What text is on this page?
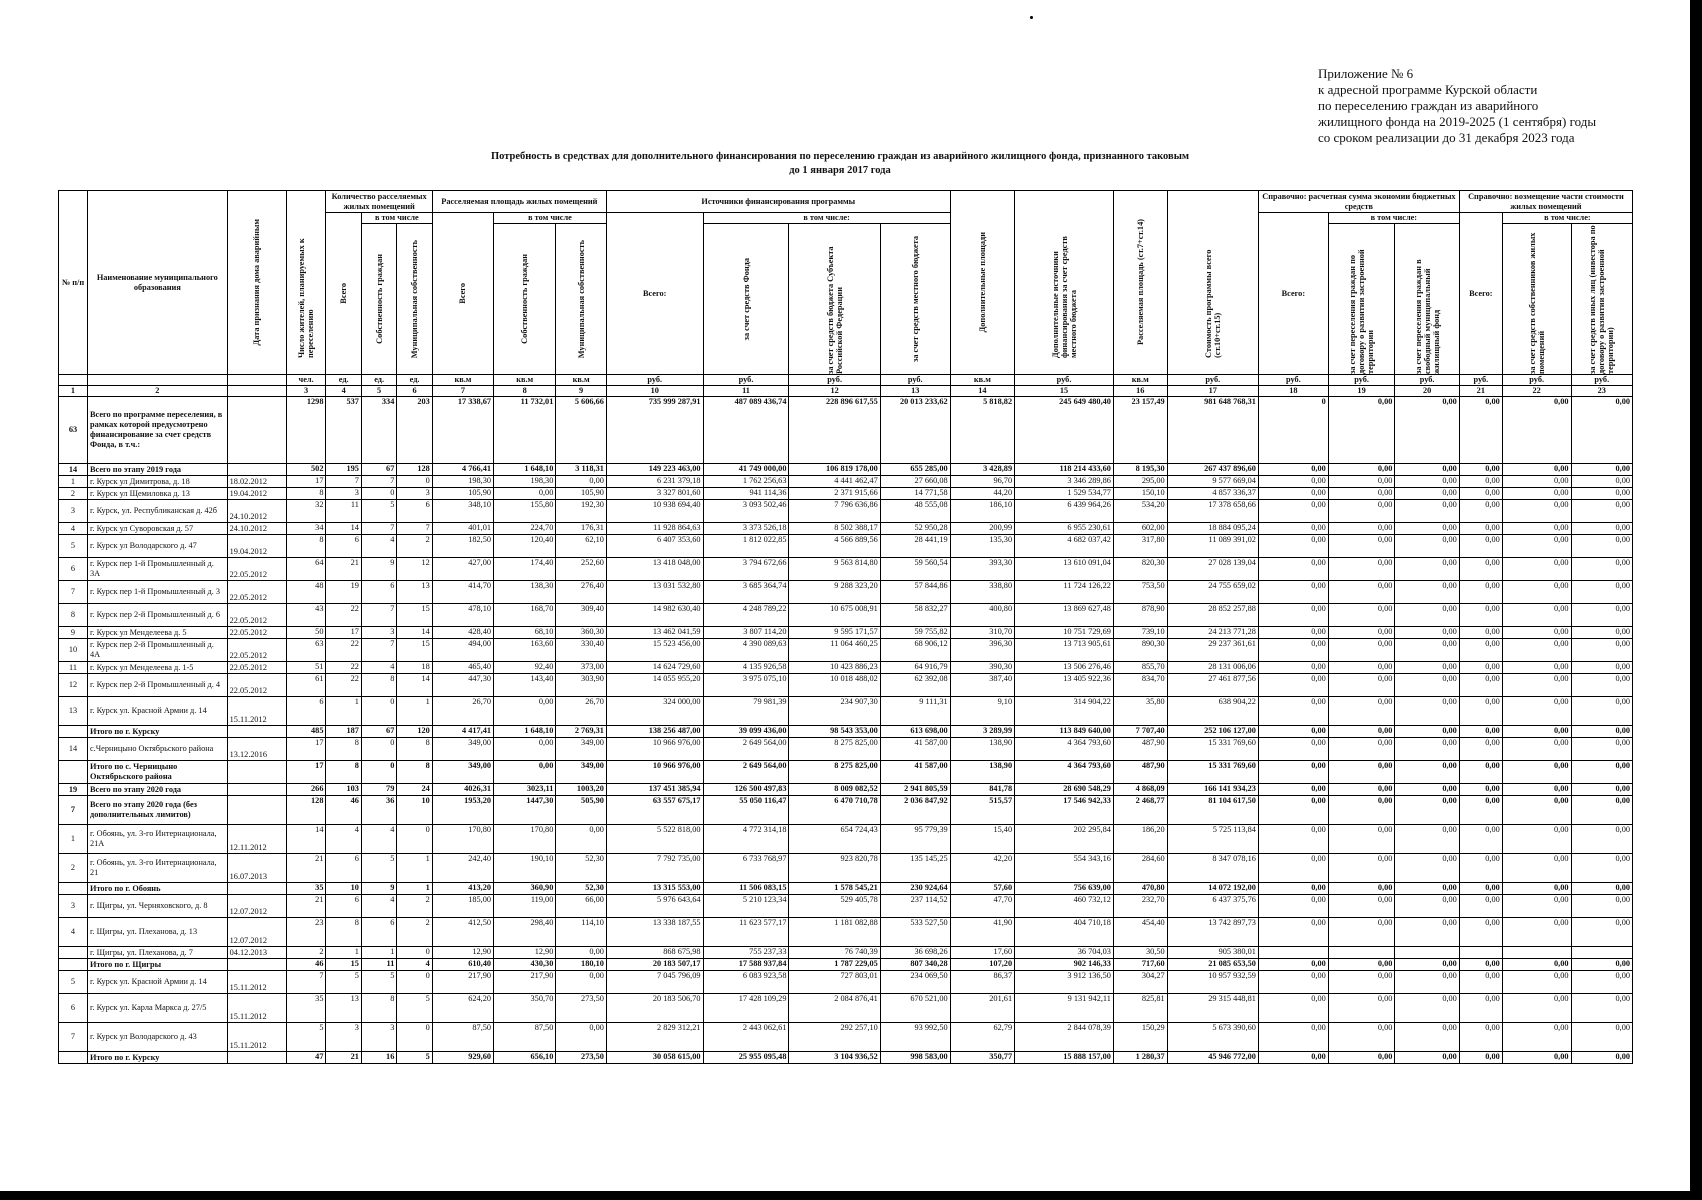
Приложение № 6
к адресной программе Курской области
по переселению граждан из аварийного
жилищного фонда на 2019-2025 (1 сентября) годы
со сроком реализации до 31 декабря 2023 года
Потребность в средствах для дополнительного финансирования по переселению граждан из аварийного жилищного фонда, признанного таковым
до 1 января 2017 года
№ п/п	Наименование муниципального образования	Дата признания дома аварийным	Число жителей, планируемых к переселению	Количество расселяемых жилых помещений			Расселяемая площадь жилых помещений			Источники финансирования программы				Дополнительные площади	Дополнительные источники финансирования за счет средств местного бюджета	Расселяемая площадь (ст.7+ст.14)	Стоимость программы всего (ст.10+ст.15)	Справочно: расчетная сумма экономии бюджетных средств			Справочно: возмещение части стоимости жилых помещений		

				Всего	в том числе		Всего	в том числе		Всего:	в том числе:							Всего:	в том числе:		Всего:	в том числе:	

					Собственность граждан	Муниципальная собственность		Собственность граждан	Муниципальная собственность		за счет средств Фонда	за счет средств бюджета Субъекта Российской Федерации	за счет средств местного бюджета						за счет переселения граждан по договору о развитии застроенной территории	за счет переселения граждан в свободный муниципальный жилищный фонд		за счет средств собственников жилых помещений	за счет средств иных лиц (инвестора по договору о развитии застроенной территории)

			чел.	ед.	ед.	ед.	кв.м	кв.м	кв.м	руб.	руб.	руб.	руб.	кв.м	руб.	кв.м	руб.	руб.	руб.	руб.	руб.	руб.	руб.
1	2		3	4	5	6	7	8	9	10	11	12	13	14	15	16	17	18	19	20	21	22	23
63	Всего по программе переселения, в рамках которой предусмотрено финансирование за счет средств Фонда, в т.ч.:		1298	537	334	203	17 338,67	11 732,01	5 606,66	735 999 287,91	487 089 436,74	228 896 617,55	20 013 233,62	5 818,82	245 649 480,40	23 157,49	981 648 768,31	0	0,00	0,00	0,00	0,00	0,00
14	Всего по этапу 2019 года		502	195	67	128	4 766,41	1 648,10	3 118,31	149 223 463,00	41 749 000,00	106 819 178,00	655 285,00	3 428,89	118 214 433,60	8 195,30	267 437 896,60	0,00	0,00	0,00	0,00	0,00	0,00
1	г. Курск ул Димитрова, д. 18	18.02.2012	17	7	7	0	198,30	198,30	0,00	6 231 379,18	1 762 256,63	4 441 462,47	27 660,08	96,70	3 346 289,86	295,00	9 577 669,04	0,00	0,00	0,00	0,00	0,00	0,00
2	г. Курск ул Щемиловка д. 13	19.04.2012	8	3	0	3	105,90	0,00	105,90	3 327 801,60	941 114,36	2 371 915,66	14 771,58	44,20	1 529 534,77	150,10	4 857 336,37	0,00	0,00	0,00	0,00	0,00	0,00
3	г. Курск, ул. Республиканская д. 42б	24.10.2012	32	11	5	6	348,10	155,80	192,30	10 938 694,40	3 093 502,46	7 796 636,86	48 555,08	186,10	6 439 964,26	534,20	17 378 658,66	0,00	0,00	0,00	0,00	0,00	0,00
4	г. Курск ул Суворовская д. 57	24.10.2012	34	14	7	7	401,01	224,70	176,31	11 928 864,63	3 373 526,18	8 502 388,17	52 950,28	200,99	6 955 230,61	602,00	18 884 095,24	0,00	0,00	0,00	0,00	0,00	0,00
5	г. Курск ул Володарского д. 47	19.04.2012	8	6	4	2	182,50	120,40	62,10	6 407 353,60	1 812 022,85	4 566 889,56	28 441,19	135,30	4 682 037,42	317,80	11 089 391,02	0,00	0,00	0,00	0,00	0,00	0,00
6	г. Курск пер 1-й Промышленный д. 3А	22.05.2012	64	21	9	12	427,00	174,40	252,60	13 418 048,00	3 794 672,66	9 563 814,80	59 560,54	393,30	13 610 091,04	820,30	27 028 139,04	0,00	0,00	0,00	0,00	0,00	0,00
7	г. Курск пер 1-й Промышленный д. 3	22.05.2012	48	19	6	13	414,70	138,30	276,40	13 031 532,80	3 685 364,74	9 288 323,20	57 844,86	338,80	11 724 126,22	753,50	24 755 659,02	0,00	0,00	0,00	0,00	0,00	0,00
8	г. Курск пер 2-й Промышленный д. 6	22.05.2012	43	22	7	15	478,10	168,70	309,40	14 982 630,40	4 248 789,22	10 675 008,91	58 832,27	400,80	13 869 627,48	878,90	28 852 257,88	0,00	0,00	0,00	0,00	0,00	0,00
9	г. Курск ул Менделеева д. 5	22.05.2012	50	17	3	14	428,40	68,10	360,30	13 462 041,59	3 807 114,20	9 595 171,57	59 755,82	310,70	10 751 729,69	739,10	24 213 771,28	0,00	0,00	0,00	0,00	0,00	0,00
10	г. Курск пер 2-й Промышленный д. 4А	22.05.2012	63	22	7	15	494,00	163,60	330,40	15 523 456,00	4 390 089,63	11 064 460,25	68 906,12	396,30	13 713 905,61	890,30	29 237 361,61	0,00	0,00	0,00	0,00	0,00	0,00
11	г. Курск ул Менделеева д. 1-5	22.05.2012	51	22	4	18	465,40	92,40	373,00	14 624 729,60	4 135 926,58	10 423 886,23	64 916,79	390,30	13 506 276,46	855,70	28 131 006,06	0,00	0,00	0,00	0,00	0,00	0,00
12	г. Курск пер 2-й Промышленный д. 4	22.05.2012	61	22	8	14	447,30	143,40	303,90	14 055 955,20	3 975 075,10	10 018 488,02	62 392,08	387,40	13 405 922,36	834,70	27 461 877,56	0,00	0,00	0,00	0,00	0,00	0,00
13	г. Курск ул. Красной Армии д. 14	15.11.2012	6	1	0	1	26,70	0,00	26,70	324 000,00	79 981,39	234 907,30	9 111,31	9,10	314 904,22	35,80	638 904,22	0,00	0,00	0,00	0,00	0,00	0,00
	Итого по г. Курску		485	187	67	120	4 417,41	1 648,10	2 769,31	138 256 487,00	39 099 436,00	98 543 353,00	613 698,00	3 289,99	113 849 640,00	7 707,40	252 106 127,00	0,00	0,00	0,00	0,00	0,00	0,00
14	с.Черницыно Октябрьского района	13.12.2016	17	8	0	8	349,00	0,00	349,00	10 966 976,00	2 649 564,00	8 275 825,00	41 587,00	138,90	4 364 793,60	487,90	15 331 769,60	0,00	0,00	0,00	0,00	0,00	0,00
	Итого по с. Черницыно Октябрьского района		17	8	0	8	349,00	0,00	349,00	10 966 976,00	2 649 564,00	8 275 825,00	41 587,00	138,90	4 364 793,60	487,90	15 331 769,60	0,00	0,00	0,00	0,00	0,00	0,00
19	Всего по этапу 2020 года		266	103	79	24	4026,31	3023,11	1003,20	137 451 385,94	126 500 497,83	8 009 082,52	2 941 805,59	841,78	28 690 548,29	4 868,09	166 141 934,23	0,00	0,00	0,00	0,00	0,00	0,00
7	Всего по этапу 2020 года (без дополнительных лимитов)		128	46	36	10	1953,20	1447,30	505,90	63 557 675,17	55 050 116,47	6 470 710,78	2 036 847,92	515,57	17 546 942,33	2 468,77	81 104 617,50	0,00	0,00	0,00	0,00	0,00	0,00
1	г. Обоянь, ул. 3-го Интернационала, 21А	12.11.2012	14	4	4	0	170,80	170,80	0,00	5 522 818,00	4 772 314,18	654 724,43	95 779,39	15,40	202 295,84	186,20	5 725 113,84	0,00	0,00	0,00	0,00	0,00	0,00
2	г. Обоянь, ул. 3-го Интернационала, 21	16.07.2013	21	6	5	1	242,40	190,10	52,30	7 792 735,00	6 733 768,97	923 820,78	135 145,25	42,20	554 343,16	284,60	8 347 078,16	0,00	0,00	0,00	0,00	0,00	0,00
	Итого по г. Обоянь		35	10	9	1	413,20	360,90	52,30	13 315 553,00	11 506 083,15	1 578 545,21	230 924,64	57,60	756 639,00	470,80	14 072 192,00	0,00	0,00	0,00	0,00	0,00	0,00
3	г. Щигры, ул. Черняховского, д. 8	12.07.2012	21	6	4	2	185,00	119,00	66,00	5 976 643,64	5 210 123,34	529 405,78	237 114,52	47,70	460 732,12	232,70	6 437 375,76	0,00	0,00	0,00	0,00	0,00	0,00
4	г. Щигры, ул. Плеханова, д. 13	12.07.2012	23	8	6	2	412,50	298,40	114,10	13 338 187,55	11 623 577,17	1 181 082,88	533 527,50	41,90	404 710,18	454,40	13 742 897,73	0,00	0,00	0,00	0,00	0,00	0,00
	г. Щигры, ул. Плеханова, д. 7	04.12.2013	2	1	1	0	12,90	12,90	0,00	868 675,98	755 237,33	76 740,39	36 698,26	17,60	36 704,03	30,50	905 380,01						
	Итого по г. Щигры		46	15	11	4	610,40	430,30	180,10	20 183 507,17	17 588 937,84	1 787 229,05	807 340,28	107,20	902 146,33	717,60	21 085 653,50	0,00	0,00	0,00	0,00	0,00	0,00
5	г. Курск ул. Красной Армии д. 14	15.11.2012	7	5	5	0	217,90	217,90	0,00	7 045 796,09	6 083 923,58	727 803,01	234 069,50	86,37	3 912 136,50	304,27	10 957 932,59	0,00	0,00	0,00	0,00	0,00	0,00
6	г. Курск ул. Карла Маркса д. 27/5	15.11.2012	35	13	8	5	624,20	350,70	273,50	20 183 506,70	17 428 109,29	2 084 876,41	670 521,00	201,61	9 131 942,11	825,81	29 315 448,81	0,00	0,00	0,00	0,00	0,00	0,00
7	г. Курск ул Володарского д. 43	15.11.2012	5	3	3	0	87,50	87,50	0,00	2 829 312,21	2 443 062,61	292 257,10	93 992,50	62,79	2 844 078,39	150,29	5 673 390,60	0,00	0,00	0,00	0,00	0,00	0,00
	Итого по г. Курску		47	21	16	5	929,60	656,10	273,50	30 058 615,00	25 955 095,48	3 104 936,52	998 583,00	350,77	15 888 157,00	1 280,37	45 946 772,00	0,00	0,00	0,00	0,00	0,00	0,00
